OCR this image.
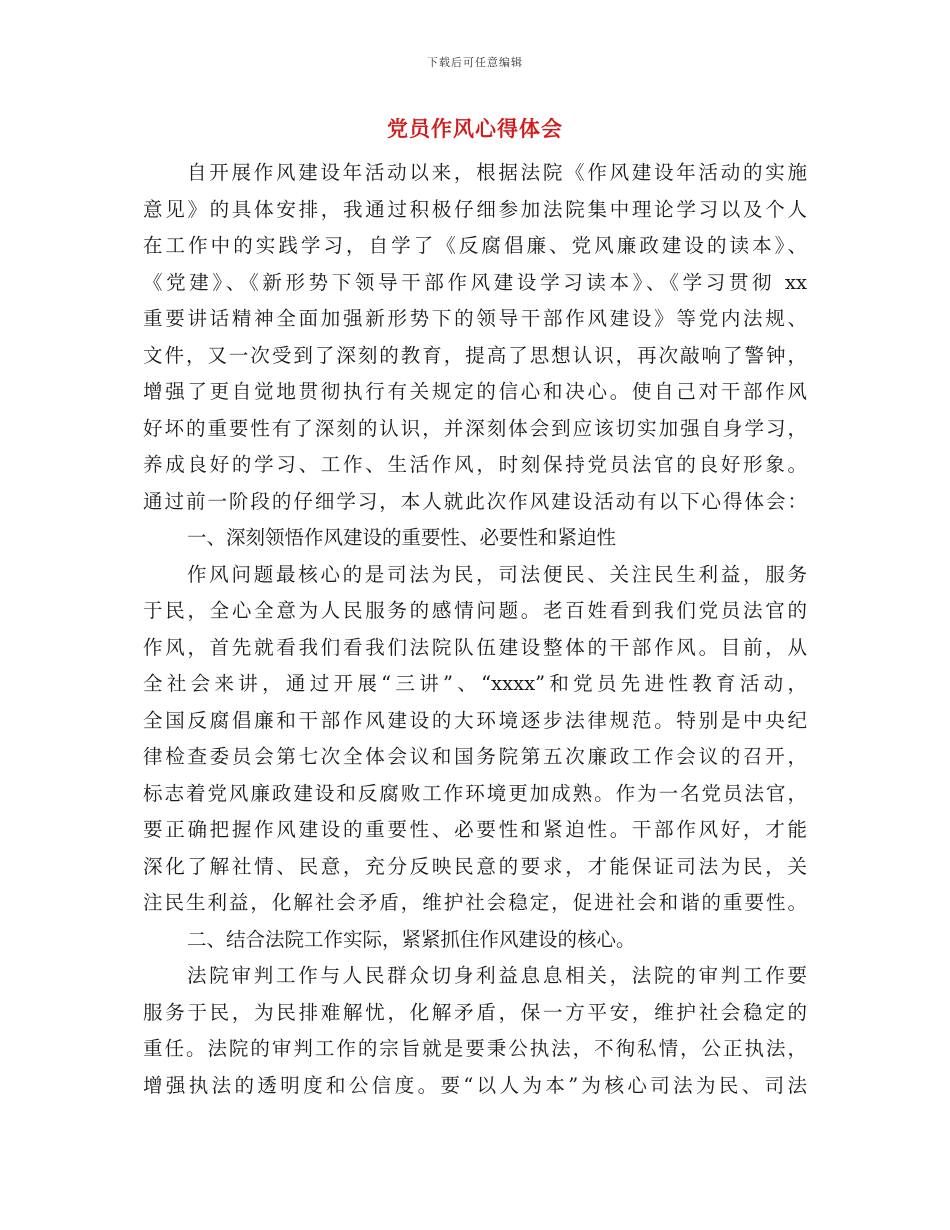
下载后可任意编辑
党员作风心得体会
自开展作风建设年活动以来，根据法院《作风建设年活动的实施
意见》的具体安排，我通过积极仔细参加法院集中理论学习以及个人
在工作中的实践学习，自学了《反腐倡廉、党风廉政建设的读本》、
《党建》、《新形势下领导干部作风建设学习读本》、《学习贯彻 xx
重要讲话精神全面加强新形势下的领导干部作风建设》等党内法规、
文件，又一次受到了深刻的教育，提高了思想认识，再次敲响了警钟，
增强了更自觉地贯彻执行有关规定的信心和决心。使自己对干部作风
好坏的重要性有了深刻的认识，并深刻体会到应该切实加强自身学习，
养成良好的学习、工作、生活作风，时刻保持党员法官的良好形象。
通过前一阶段的仔细学习，本人就此次作风建设活动有以下心得体会：
一、深刻领悟作风建设的重要性、必要性和紧迫性
作风问题最核心的是司法为民，司法便民、关注民生利益，服务
于民，全心全意为人民服务的感情问题。老百姓看到我们党员法官的
作风，首先就看我们看我们法院队伍建设整体的干部作风。目前，从
全社会来讲，通过开展“三讲”、“xxxx”和党员先进性教育活动，
全国反腐倡廉和干部作风建设的大环境逐步法律规范。特别是中央纪
律检查委员会第七次全体会议和国务院第五次廉政工作会议的召开，
标志着党风廉政建设和反腐败工作环境更加成熟。作为一名党员法官，
要正确把握作风建设的重要性、必要性和紧迫性。干部作风好，才能
深化了解社情、民意，充分反映民意的要求，才能保证司法为民，关
注民生利益，化解社会矛盾，维护社会稳定，促进社会和谐的重要性。
二、结合法院工作实际，紧紧抓住作风建设的核心。
法院审判工作与人民群众切身利益息息相关，法院的审判工作要
服务于民，为民排难解忧，化解矛盾，保一方平安，维护社会稳定的
重任。法院的审判工作的宗旨就是要秉公执法，不徇私情，公正执法，
增强执法的透明度和公信度。要“以人为本”为核心司法为民、司法
